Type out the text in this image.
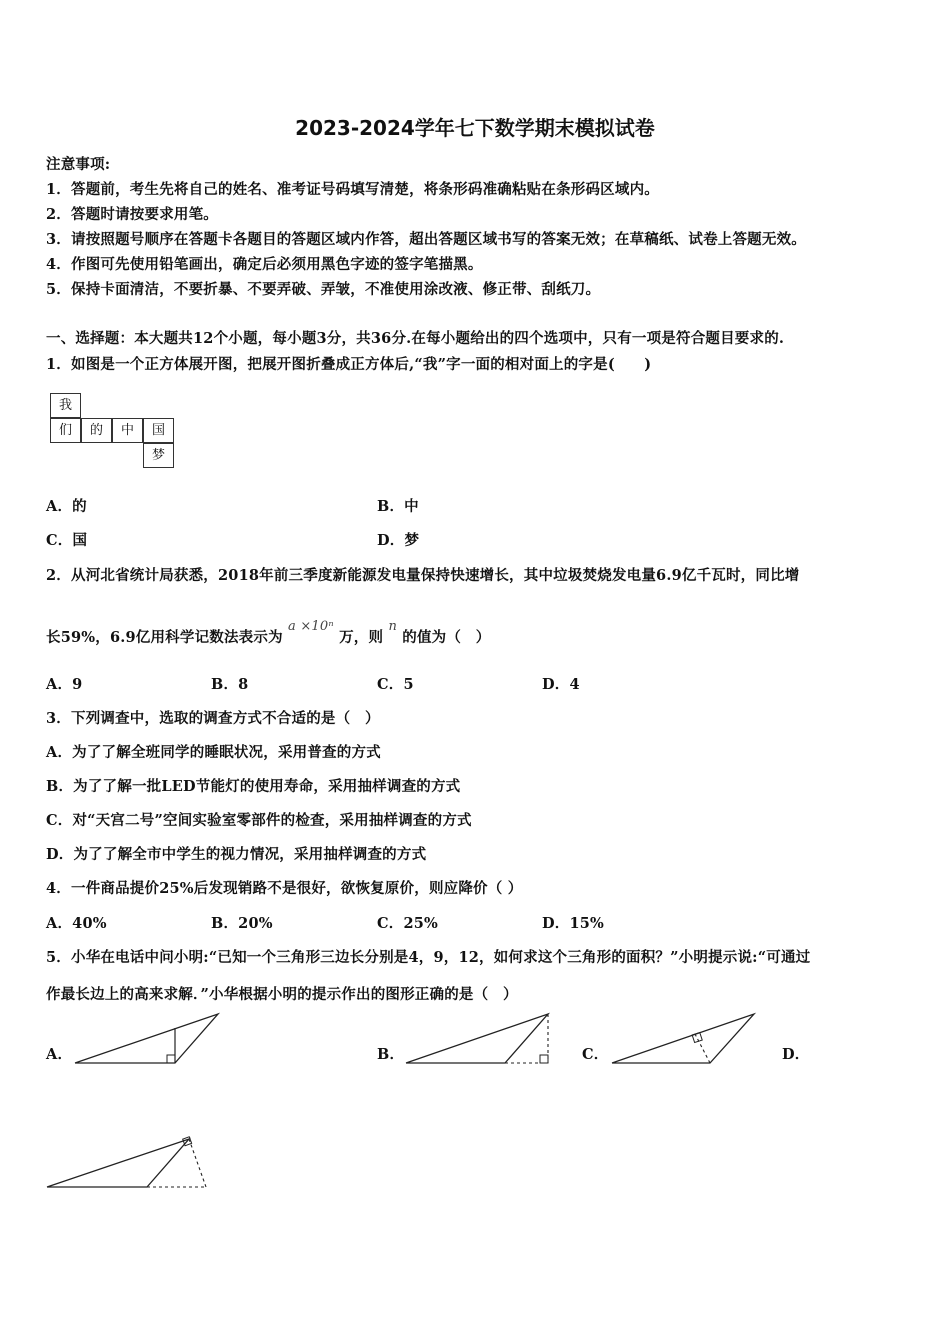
2023-2024学年七下数学期末模拟试卷
注意事项:
1．答题前，考生先将自己的姓名、准考证号码填写清楚，将条形码准确粘贴在条形码区域内。
2．答题时请按要求用笔。
3．请按照题号顺序在答题卡各题目的答题区域内作答，超出答题区域书写的答案无效；在草稿纸、试卷上答题无效。
4．作图可先使用铅笔画出，确定后必须用黑色字迹的签字笔描黑。
5．保持卡面清洁，不要折暴、不要弄破、弄皱，不准使用涂改液、修正带、刮纸刀。
一、选择题：本大题共12个小题，每小题3分，共36分.在每小题给出的四个选项中，只有一项是符合题目要求的.
1．如图是一个正方体展开图，把展开图折叠成正方体后,“我”字一面的相对面上的字是(　　)
我
们	的	中	国
梦
A．的	B．中
C．国	D．梦
2．从河北省统计局获悉，2018年前三季度新能源发电量保持快速增长，其中垃圾焚烧发电量6.9亿千瓦时，同比增
长59%，6.9亿用科学记数法表示为 a ×10ⁿ 万，则 n 的值为（　）
A．9	B．8	C．5	D．4
3．下列调查中，选取的调查方式不合适的是（　）
A．为了了解全班同学的睡眠状况，采用普查的方式
B．为了了解一批LED节能灯的使用寿命，采用抽样调查的方式
C．对“天宫二号”空间实验室零部件的检查，采用抽样调查的方式
D．为了了解全市中学生的视力情况，采用抽样调查的方式
4．一件商品提价25%后发现销路不是很好，欲恢复原价，则应降价（ ）
A．40%	B．20%	C．25%	D．15%
5．小华在电话中问小明:“已知一个三角形三边长分别是4，9，12，如何求这个三角形的面积？”小明提示说:“可通过
作最长边上的高来求解．”小华根据小明的提示作出的图形正确的是（　）
A．	B．	C．	D．
